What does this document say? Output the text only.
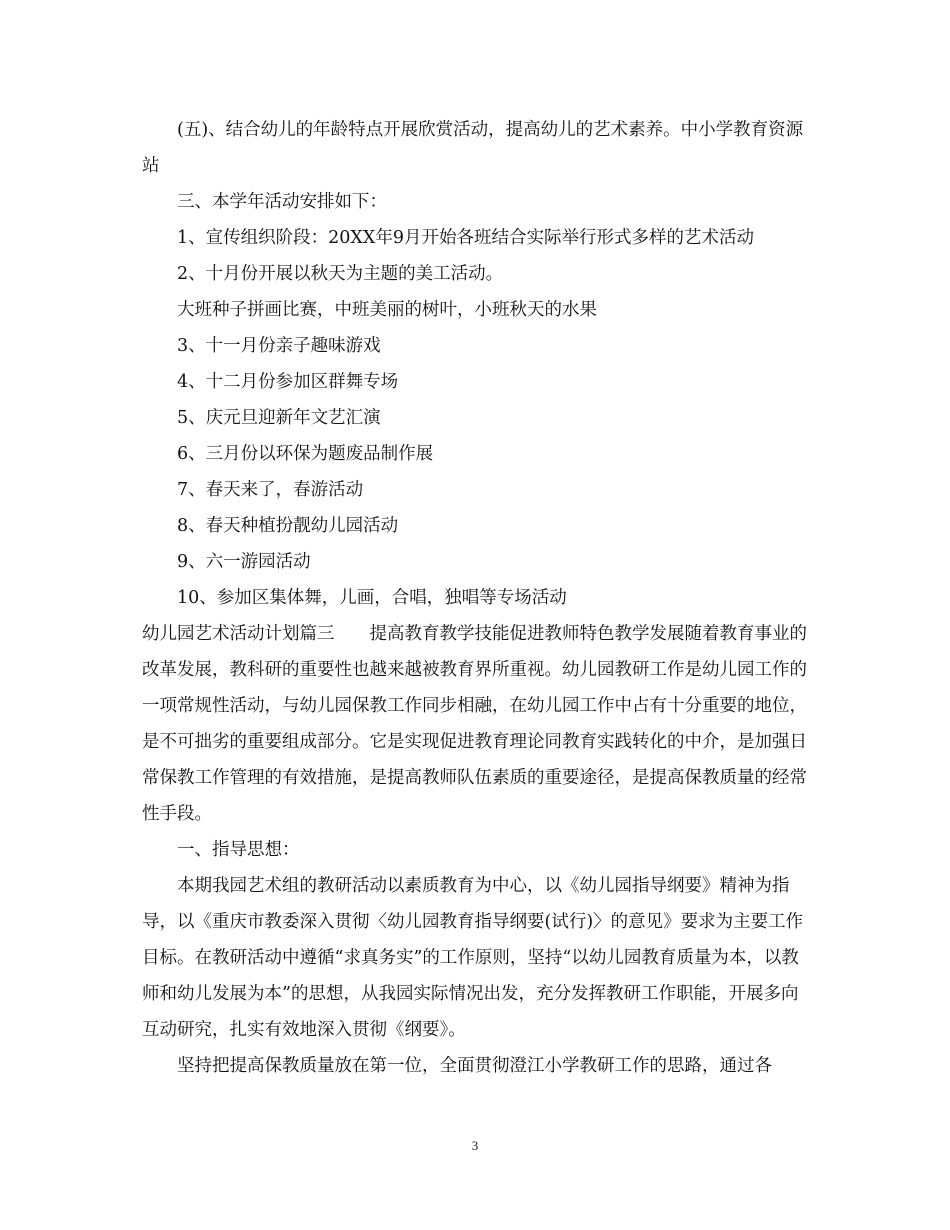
(五)、结合幼儿的年龄特点开展欣赏活动，提高幼儿的艺术素养。中小学教育资源站

三、本学年活动安排如下：

1、宣传组织阶段：20XX年9月开始各班结合实际举行形式多样的艺术活动

2、十月份开展以秋天为主题的美工活动。

大班种子拼画比赛，中班美丽的树叶，小班秋天的水果

3、十一月份亲子趣味游戏

4、十二月份参加区群舞专场

5、庆元旦迎新年文艺汇演

6、三月份以环保为题废品制作展

7、春天来了，春游活动

8、春天种植扮靓幼儿园活动

9、六一游园活动

10、参加区集体舞，儿画，合唱，独唱等专场活动

幼儿园艺术活动计划篇三　　提高教育教学技能促进教师特色教学发展随着教育事业的改革发展，教科研的重要性也越来越被教育界所重视。幼儿园教研工作是幼儿园工作的一项常规性活动，与幼儿园保教工作同步相融，在幼儿园工作中占有十分重要的地位，是不可拙劣的重要组成部分。它是实现促进教育理论同教育实践转化的中介，是加强日常保教工作管理的有效措施，是提高教师队伍素质的重要途径，是提高保教质量的经常性手段。

一、指导思想：

本期我园艺术组的教研活动以素质教育为中心，以《幼儿园指导纲要》精神为指导，以《重庆市教委深入贯彻〈幼儿园教育指导纲要(试行)〉的意见》要求为主要工作目标。在教研活动中遵循“求真务实”的工作原则，坚持“以幼儿园教育质量为本，以教师和幼儿发展为本”的思想，从我园实际情况出发，充分发挥教研工作职能，开展多向互动研究，扎实有效地深入贯彻《纲要》。

坚持把提高保教质量放在第一位，全面贯彻澄江小学教研工作的思路，通过各

3
